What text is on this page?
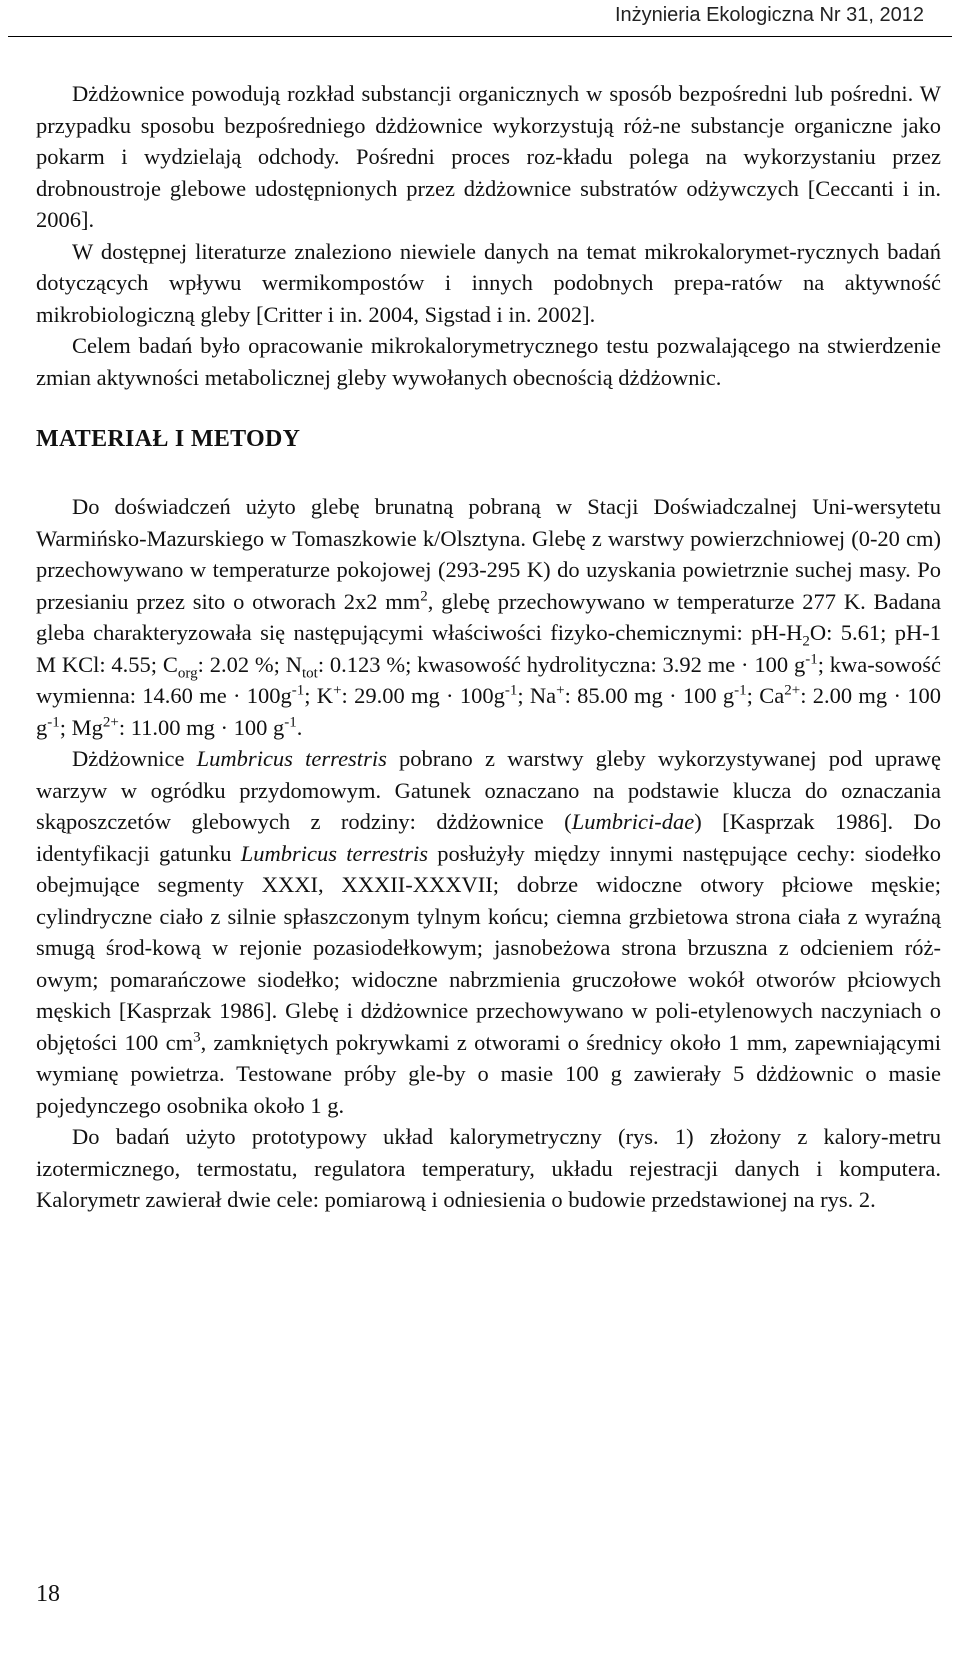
Inżynieria Ekologiczna Nr 31, 2012

Dżdżownice powodują rozkład substancji organicznych w sposób bezpośredni lub pośredni. W przypadku sposobu bezpośredniego dżdżownice wykorzystują róż-ne substancje organiczne jako pokarm i wydzielają odchody. Pośredni proces roz-kładu polega na wykorzystaniu przez drobnoustroje glebowe udostępnionych przez dżdżownice substratów odżywczych [Ceccanti i in. 2006].

W dostępnej literaturze znaleziono niewiele danych na temat mikrokalorymet-rycznych badań dotyczących wpływu wermikompostów i innych podobnych prepa-ratów na aktywność mikrobiologiczną gleby [Critter i in. 2004, Sigstad i in. 2002].

Celem badań było opracowanie mikrokalorymetrycznego testu pozwalającego na stwierdzenie zmian aktywności metabolicznej gleby wywołanych obecnością dżdżownic.

MATERIAŁ I METODY

Do doświadczeń użyto glebę brunatną pobraną w Stacji Doświadczalnej Uni-wersytetu Warmińsko-Mazurskiego w Tomaszkowie k/Olsztyna. Glebę z warstwy powierzchniowej (0-20 cm) przechowywano w temperaturze pokojowej (293-295 K) do uzyskania powietrznie suchej masy. Po przesianiu przez sito o otworach 2x2 $mm^2$, glebę przechowywano w temperaturze 277 K. Badana gleba charakteryzowała się następującymi właściwości fizyko-chemicznymi: $pH-H_2O$: 5.61; pH-1 M KCl: 4.55; $C_{org}$: 2.02 %; $N_{tot}$: 0.123 %; kwasowość hydrolityczna: 3.92 me · 100 $g^{-1}$; kwa-sowość wymienna: 14.60 me · $100g^{-1}$; K+: 29.00 mg · $100g^{-1}$; Na+: 85.00 mg · 100 $g^{-1}$; $Ca^{2+}$: 2.00 mg · 100 $g^{-1}$; $Mg^{2+}$: 11.00 mg · 100 $g^{-1}$.

Dżdżownice Lumbricus terrestris pobrano z warstwy gleby wykorzystywanej pod uprawę warzyw w ogródku przydomowym. Gatunek oznaczano na podstawie klucza do oznaczania skąposzczetów glebowych z rodziny: dżdżownice (Lumbrici-dae) [Kasprzak 1986]. Do identyfikacji gatunku Lumbricus terrestris posłużyły między innymi następujące cechy: siodełko obejmujące segmenty XXXI, XXXII-XXXVII; dobrze widoczne otwory płciowe męskie; cylindryczne ciało z silnie spłaszczonym tylnym końcu; ciemna grzbietowa strona ciała z wyraźną smugą środ-kową w rejonie pozasiodełkowym; jasnobeżowa strona brzuszna z odcieniem róż-owym; pomarańczowe siodełko; widoczne nabrzmienia gruczołowe wokół otworów płciowych męskich [Kasprzak 1986]. Glebę i dżdżownice przechowywano w poli-etylenowych naczyniach o objętości 100 $cm^3$, zamkniętych pokrywkami z otworami o średnicy około 1 mm, zapewniającymi wymianę powietrza. Testowane próby gle-by o masie 100 g zawierały 5 dżdżownic o masie pojedynczego osobnika około 1 g.

Do badań użyto prototypowy układ kalorymetryczny (rys. 1) złożony z kalory-metru izotermicznego, termostatu, regulatora temperatury, układu rejestracji danych i komputera. Kalorymetr zawierał dwie cele: pomiarową i odniesienia o budowie przedstawionej na rys. 2.

18
